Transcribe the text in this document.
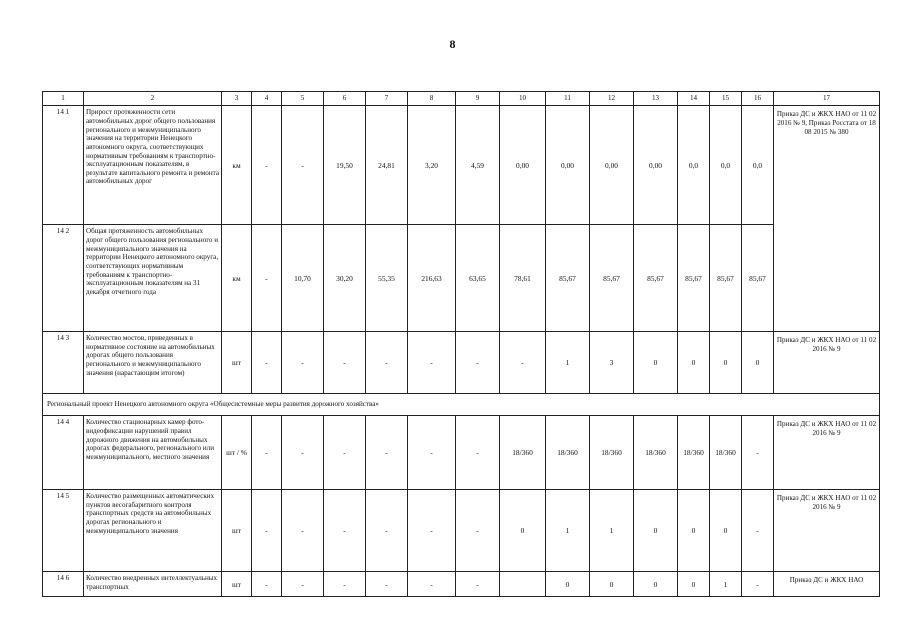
8
1	2	3	4	5	6	7	8	9	10	11	12	13	14	15	16	17
14 1	Прирост протяженности сети автомобильных дорог общего пользования регионального и межмуниципального значения на территории Ненецкого автономного округа, соответствующих нормативным требованиям к транспортно-эксплуатационным показателям, в результате капитального ремонта и ремонта автомобильных дорог	км	-	-	19,50	24,81	3,20	4,59	0,00	0,00	0,00	0,00	0,0	0,0	0,0	Приказ ДС и ЖКХ НАО от 11 02 2016 № 9, Приказ Росстата от 18 08 2015 № 380
14 2	Общая протяженность автомобильных дорог общего пользования регионального и межмуниципального значения на территории Ненецкого автономного округа, соответствующих нормативным требованиям к транспортно-эксплуатационным показателям на 31 декабря отчетного года	км	-	10,70	30,20	55,35	216,63	63,65	78,61	85,67	85,67	85,67	85,67	85,67	85,67	
14 3	Количество мостов, приведенных в нормативное состояние на автомобильных дорогах общего пользования регионального и межмуниципального значения (нарастающим итогом)	шт	-	-	-	-	-	-	-	1	3	0	0	0	0	Приказ ДС и ЖКХ НАО от 11 02 2016 № 9
Региональный проект Ненецкого автономного округа «Общесистемные меры развития дорожного хозяйства»																
14 4	Количество стационарных камер фото-видеофиксации нарушений правил дорожного движения на автомобильных дорогах федерального, регионального или межмуниципального, местного значения	шт / %	-	-	-	-	-	-	18/360	18/360	18/360	18/360	18/360	18/360	-	Приказ ДС и ЖКХ НАО от 11 02 2016 № 9
14 5	Количество размещенных автоматических пунктов весогабаритного контроля транспортных средств на автомобильных дорогах регионального и межмуниципального значения	шт	-	-	-	-	-	-	0	1	1	0	0	0	-	Приказ ДС и ЖКХ НАО от 11 02 2016 № 9
14 6	Количество внедренных интеллектуальных транспортных	шт	-	-	-	-	-	-		0	0	0	0	1	-	Приказ ДС и ЖКХ НАО
